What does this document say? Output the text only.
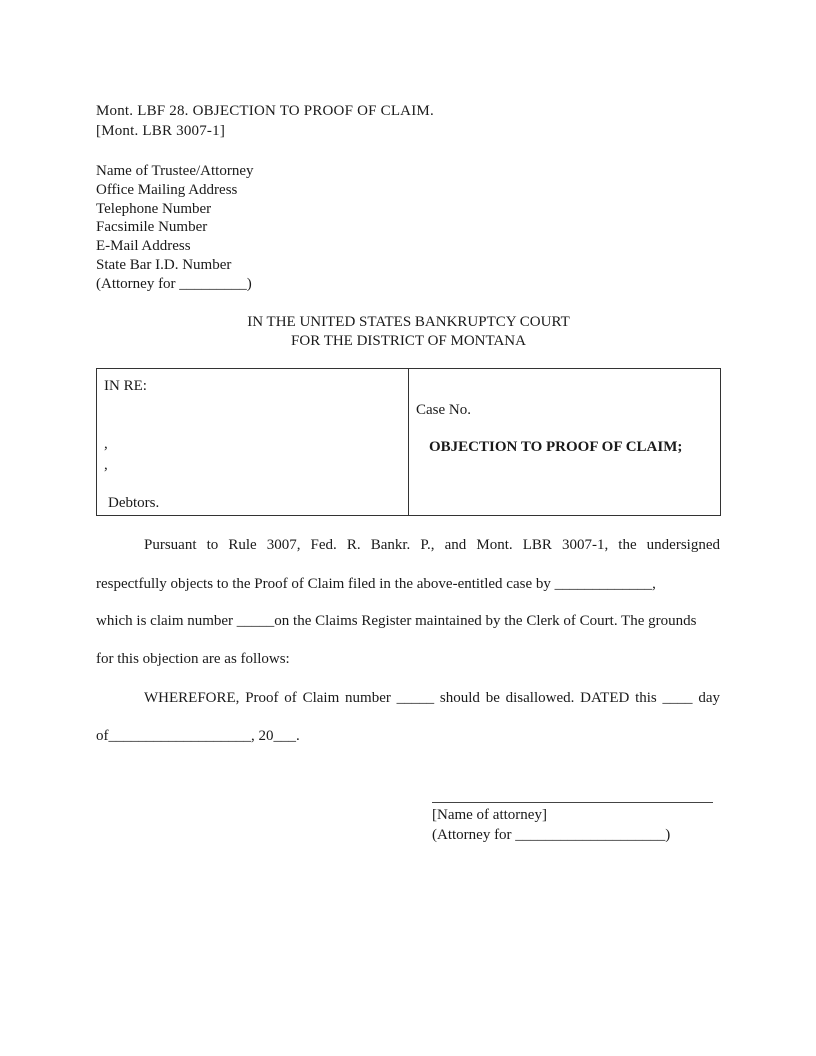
Mont. LBF 28. OBJECTION TO PROOF OF CLAIM.
[Mont. LBR 3007-1]
Name of Trustee/Attorney
Office Mailing Address
Telephone Number
Facsimile Number
E-Mail Address
State Bar I.D. Number
(Attorney for _________)
IN THE UNITED STATES BANKRUPTCY COURT
FOR THE DISTRICT OF MONTANA
IN RE:
,
,
Debtors.
Case No.
OBJECTION TO PROOF OF CLAIM;
Pursuant to Rule 3007, Fed. R. Bankr. P., and Mont. LBR 3007-1, the undersigned
respectfully objects to the Proof of Claim filed in the above-entitled case by _____________,
which is claim number _____on the Claims Register maintained by the Clerk of Court. The grounds
for this objection are as follows:
WHEREFORE, Proof of Claim number _____ should be disallowed. DATED this ____ day
of___________________, 20___.
[Name of attorney]
(Attorney for ____________________)
